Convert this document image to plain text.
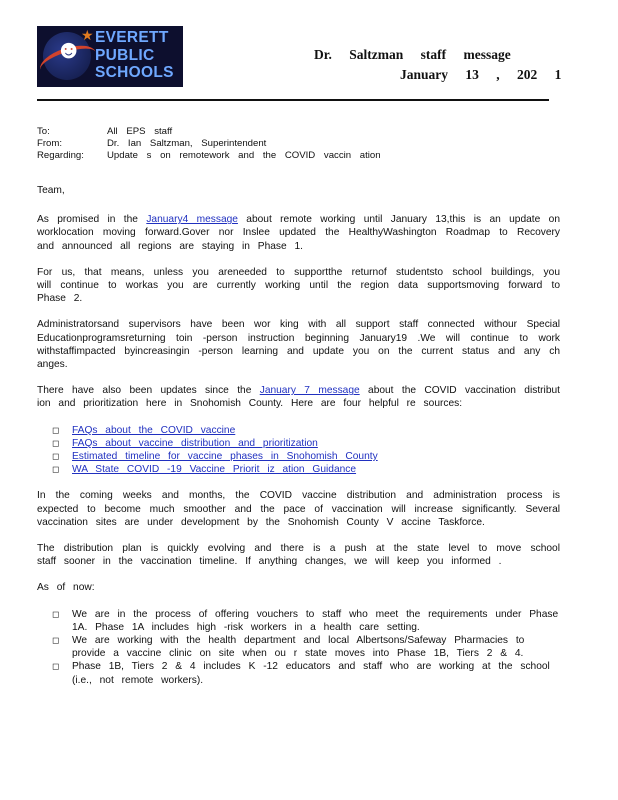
☻
★ EVERETT
PUBLIC
SCHOOLS
Dr. Saltzman staff message
January 13 , 202 1
To:	All EPS staff
From:	Dr. Ian Saltzman, Superintendent
Regarding: Update s on remotework and the COVID vaccin ation

Team,

As promised in the January4 message about remote working until January 13,this is an update on worklocation moving forward.Gover nor Inslee updated the HealthyWashington Roadmap to Recovery and announced all regions are staying in Phase 1.

For us, that means, unless you areneeded to supportthe returnof studentsto school buildings, you will continue to workas you are currently working until the region data supportsmoving forward to Phase 2.

Administratorsand supervisors have been wor king with all support staff connected withour Special Educationprogramsreturning toin -person instruction beginning January19 .We will continue to work withstaffimpacted byincreasingin -person learning and update you on the current status and any ch anges.

There have also been updates since the January 7 message about the COVID vaccination distribut ion and prioritization here in Snohomish County. Here are four helpful re sources:

◻ FAQs about the COVID vaccine
◻ FAQs about vaccine distribution and prioritization
◻ Estimated timeline for vaccine phases in Snohomish County
◻ WA State COVID -19 Vaccine Priorit iz ation Guidance

In the coming weeks and months, the COVID vaccine distribution and administration process is expected to become much smoother and the pace of vaccination will increase significantly. Several vaccination sites are under development by the Snohomish County V accine Taskforce.

The distribution plan is quickly evolving and there is a push at the state level to move school staff sooner in the vaccination timeline. If anything changes, we will keep you informed .

As of now:

◻ We are in the process of offering vouchers to staff who meet the requirements under Phase 1A. Phase 1A includes high -risk workers in a health care setting.
◻ We are working with the health department and local Albertsons/Safeway Pharmacies to provide a vaccine clinic on site when ou r state moves into Phase 1B, Tiers 2 & 4.
◻ Phase 1B, Tiers 2 & 4 includes K -12 educators and staff who are working at the school (i.e., not remote workers).
